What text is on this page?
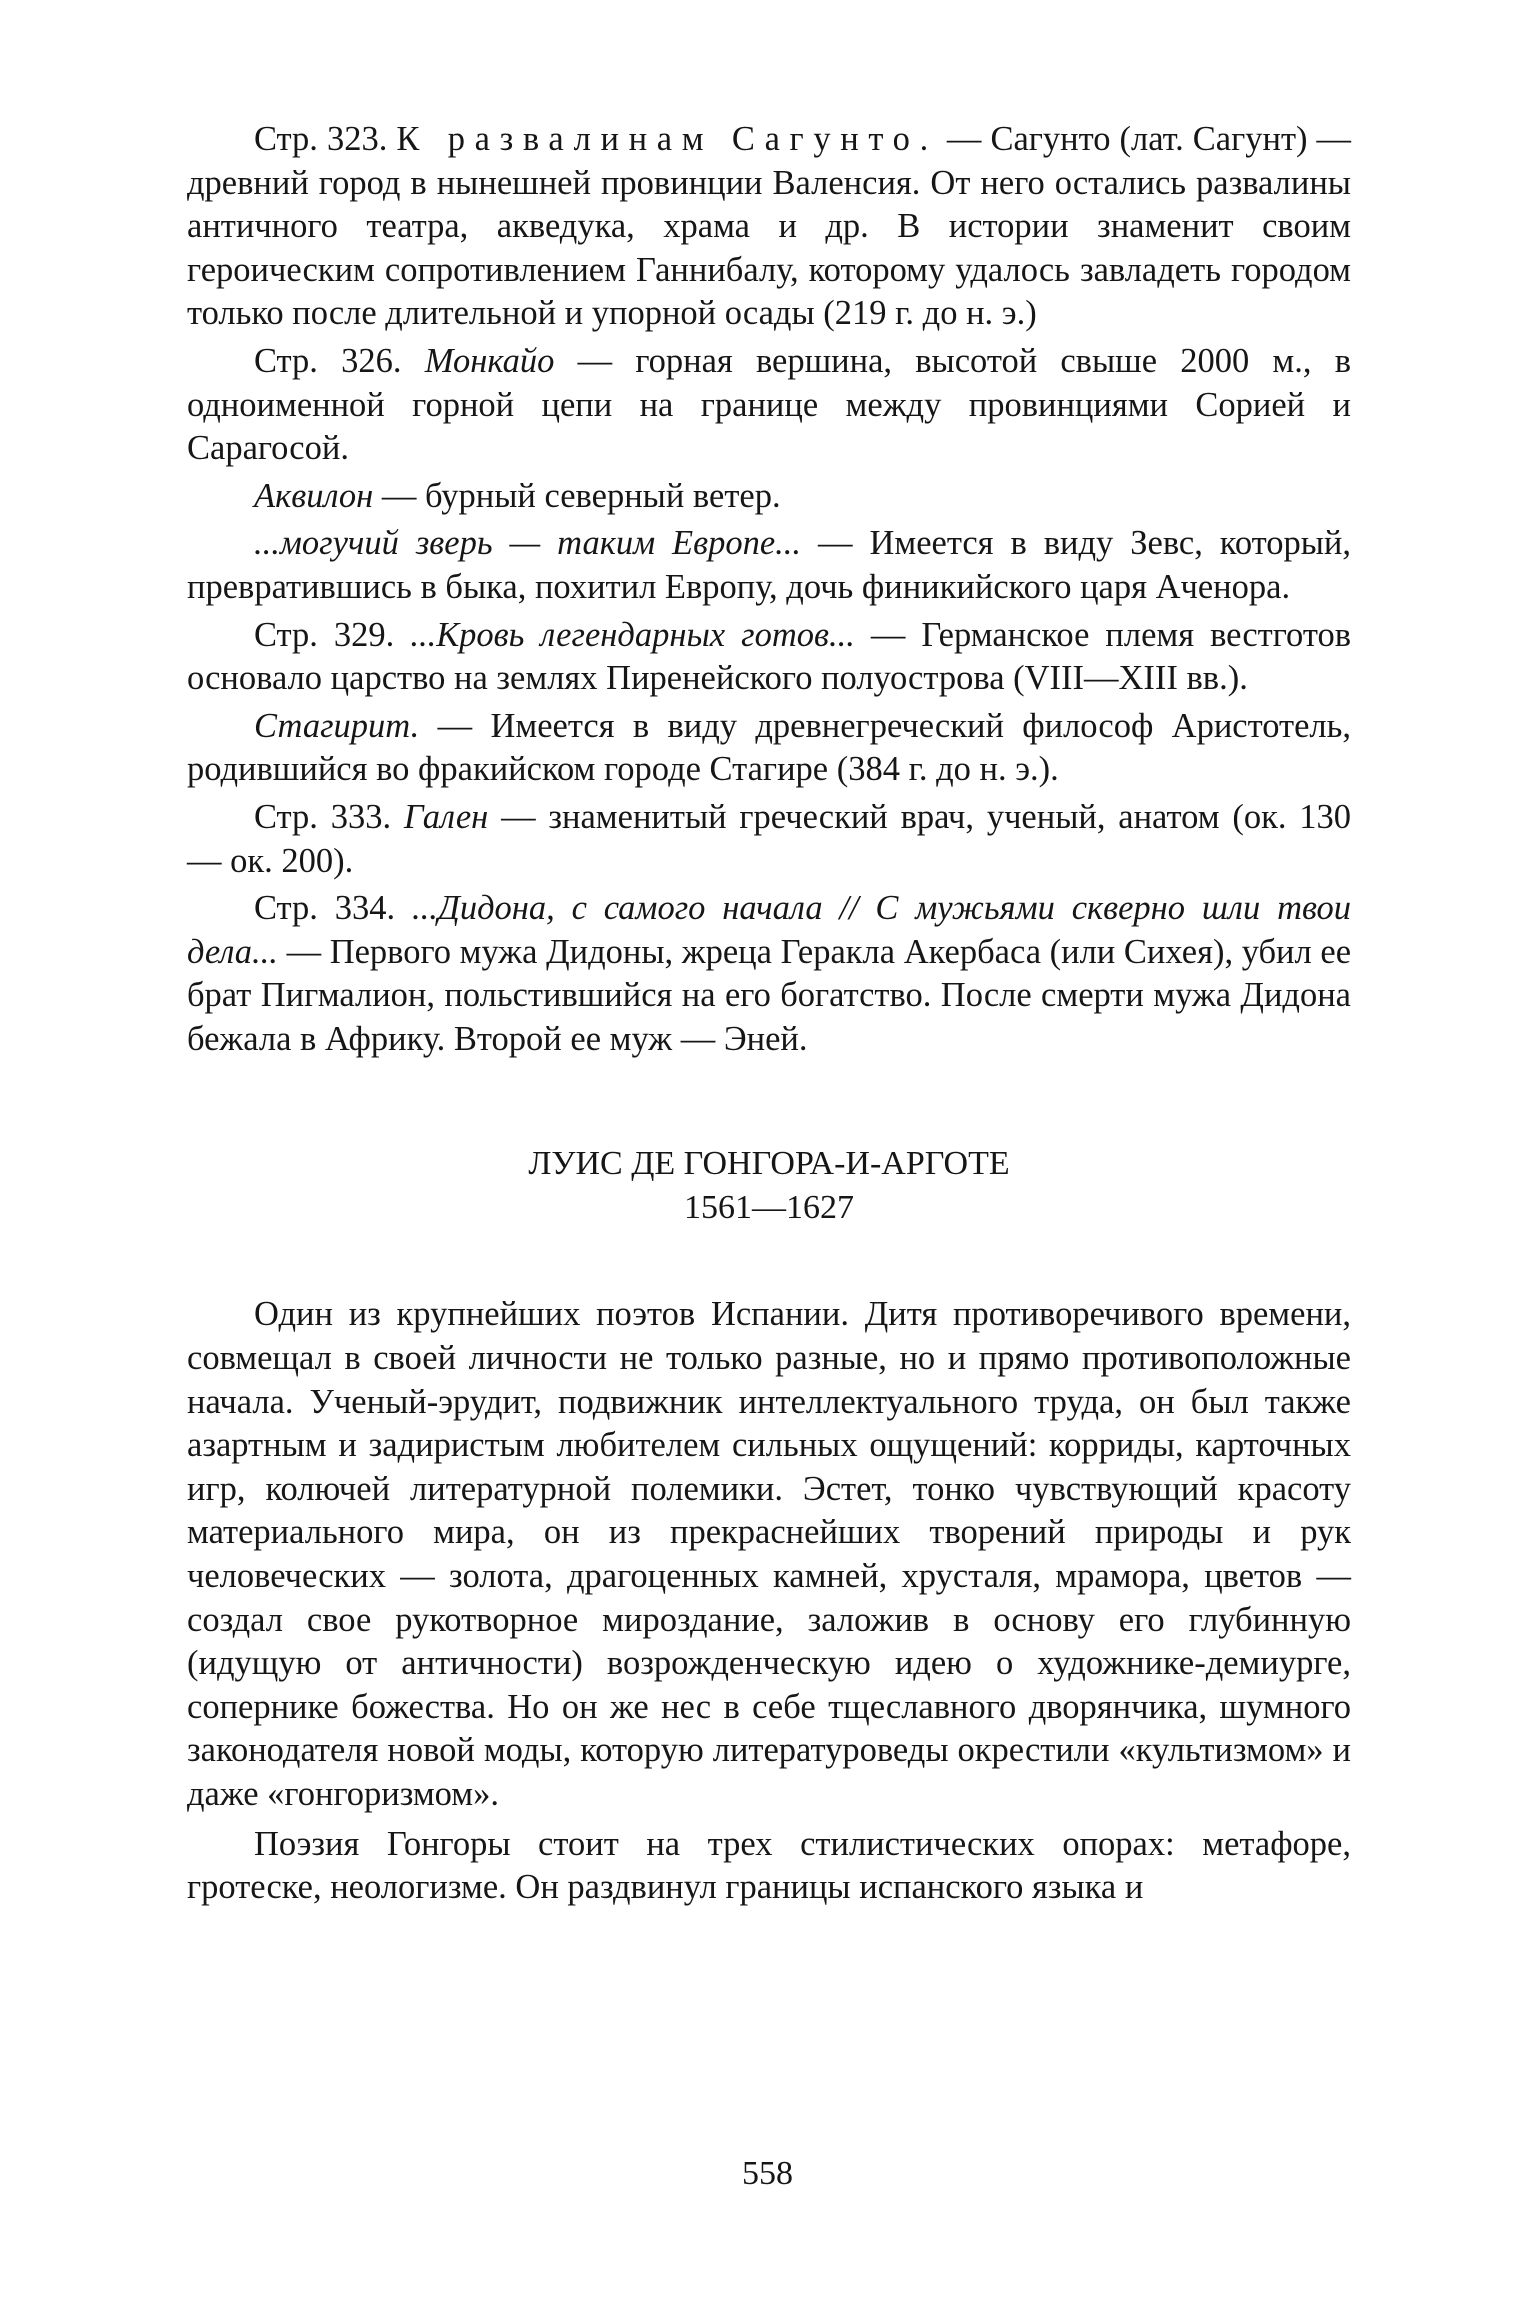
Стр. 323. К развалинам Сагунто. — Сагунто (лат. Сагунт) — древний город в нынешней провинции Валенсия. От него остались развалины античного театра, акведука, храма и др. В истории знаменит своим героическим сопротивлением Ганнибалу, которому удалось завладеть городом только после длительной и упорной осады (219 г. до н. э.)

Стр. 326. Монкайо — горная вершина, высотой свыше 2000 м., в одноименной горной цепи на границе между провинциями Сорией и Сарагосой.

Аквилон — бурный северный ветер.

...могучий зверь — таким Европе... — Имеется в виду Зевс, который, превратившись в быка, похитил Европу, дочь финикийского царя Аченора.

Стр. 329. ...Кровь легендарных готов... — Германское племя вестготов основало царство на землях Пиренейского полуострова (VIII—XIII вв.).

Стагирит. — Имеется в виду древнегреческий философ Аристотель, родившийся во фракийском городе Стагире (384 г. до н. э.).

Стр. 333. Гален — знаменитый греческий врач, ученый, анатом (ок. 130 — ок. 200).

Стр. 334. ...Дидона, с самого начала // С мужьями скверно шли твои дела... — Первого мужа Дидоны, жреца Геракла Акербаса (или Сихея), убил ее брат Пигмалион, польстившийся на его богатство. После смерти мужа Дидона бежала в Африку. Второй ее муж — Эней.

ЛУИС ДЕ ГОНГОРА-И-АРГОТЕ
1561—1627

Один из крупнейших поэтов Испании. Дитя противоречивого времени, совмещал в своей личности не только разные, но и прямо противоположные начала. Ученый-эрудит, подвижник интеллектуального труда, он был также азартным и задиристым любителем сильных ощущений: корриды, карточных игр, колючей литературной полемики. Эстет, тонко чувствующий красоту материального мира, он из прекраснейших творений природы и рук человеческих — золота, драгоценных камней, хрусталя, мрамора, цветов — создал свое рукотворное мироздание, заложив в основу его глубинную (идущую от античности) возрожденческую идею о художнике-демиурге, сопернике божества. Но он же нес в себе тщеславного дворянчика, шумного законодателя новой моды, которую литературоведы окрестили «культизмом» и даже «гонгоризмом».

Поэзия Гонгоры стоит на трех стилистических опорах: метафоре, гротеске, неологизме. Он раздвинул границы испанского языка и

558
